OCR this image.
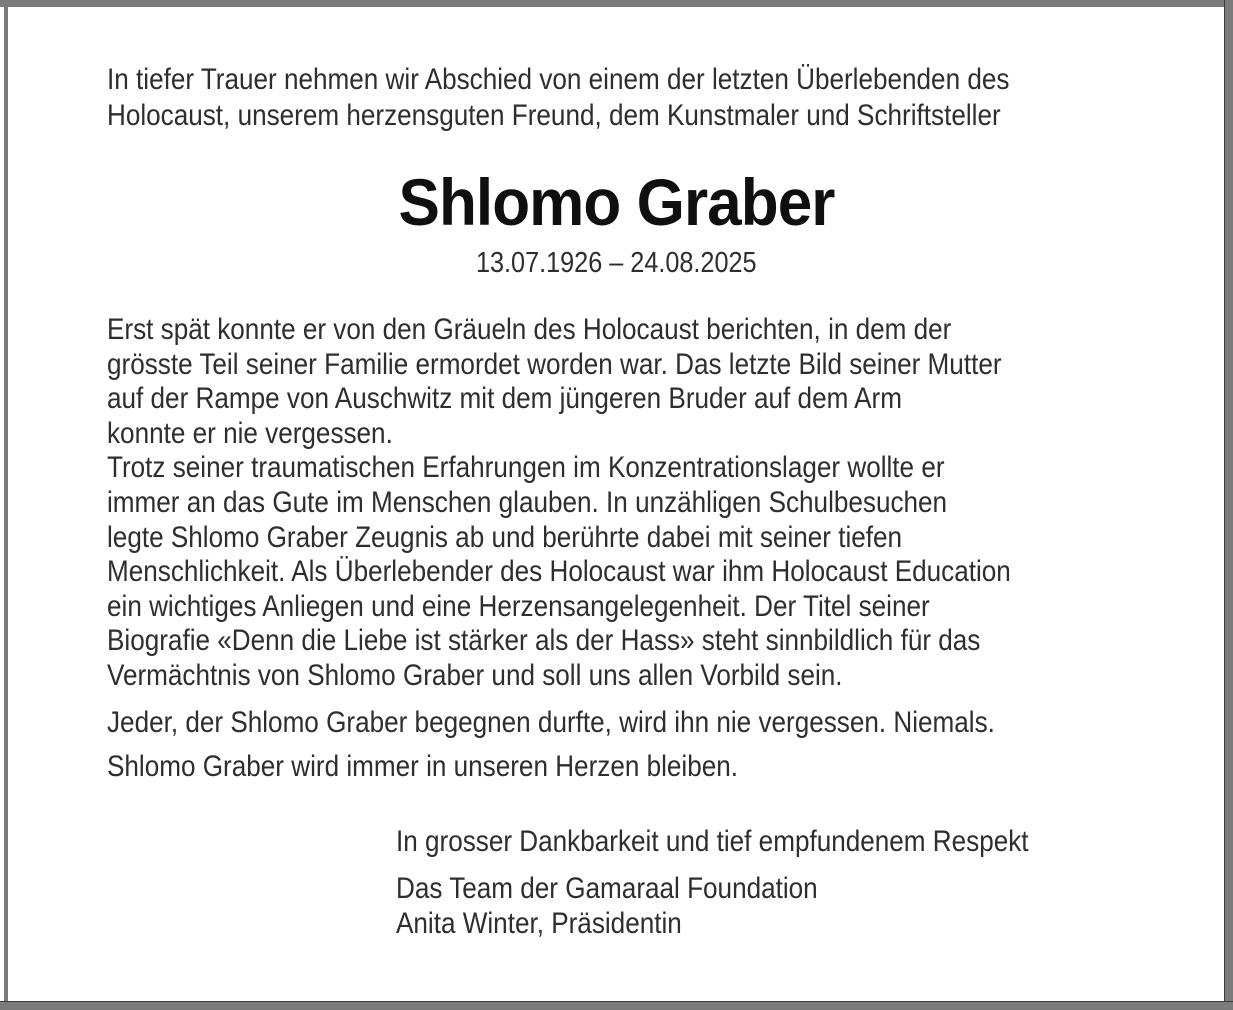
In tiefer Trauer nehmen wir Abschied von einem der letzten Überlebenden des
Holocaust, unserem herzensguten Freund, dem Kunstmaler und Schriftsteller
Shlomo Graber
13.07.1926 – 24.08.2025
Erst spät konnte er von den Gräueln des Holocaust berichten, in dem der
grösste Teil seiner Familie ermordet worden war. Das letzte Bild seiner Mutter
auf der Rampe von Auschwitz mit dem jüngeren Bruder auf dem Arm
konnte er nie vergessen.
Trotz seiner traumatischen Erfahrungen im Konzentrationslager wollte er
immer an das Gute im Menschen glauben. In unzähligen Schulbesuchen
legte Shlomo Graber Zeugnis ab und berührte dabei mit seiner tiefen
Menschlichkeit. Als Überlebender des Holocaust war ihm Holocaust Education
ein wichtiges Anliegen und eine Herzensangelegenheit. Der Titel seiner
Biografie «Denn die Liebe ist stärker als der Hass» steht sinnbildlich für das
Vermächtnis von Shlomo Graber und soll uns allen Vorbild sein.
Jeder, der Shlomo Graber begegnen durfte, wird ihn nie vergessen. Niemals.
Shlomo Graber wird immer in unseren Herzen bleiben.
In grosser Dankbarkeit und tief empfundenem Respekt
Das Team der Gamaraal Foundation
Anita Winter, Präsidentin
